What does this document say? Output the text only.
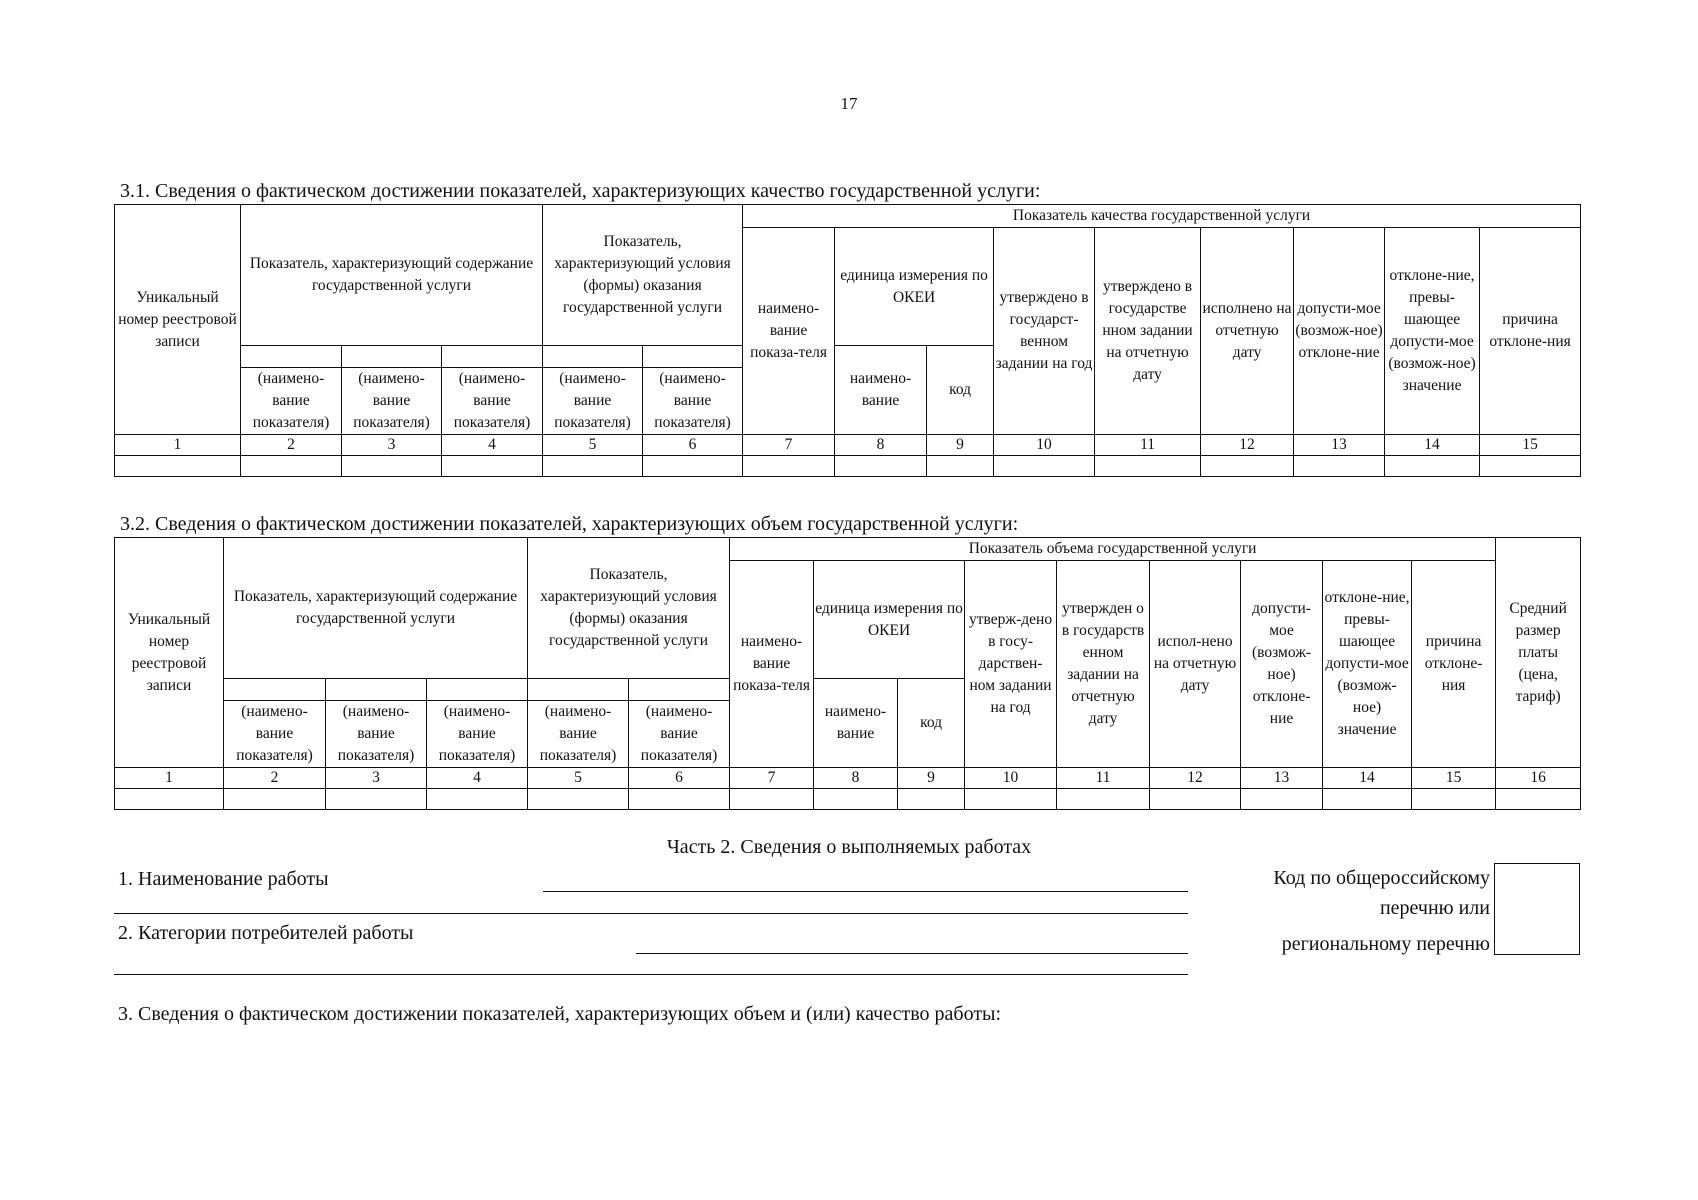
17
3.1. Сведения о фактическом достижении показателей, характеризующих качество государственной услуги:
Уникальный номер реестровой записи	Показатель, характеризующий содержание государственной услуги			Показатель, характеризующий условия (формы) оказания государственной услуги		Показатель качества государственной услуги								
						наимено-вание показа-теля	единица измерения по ОКЕИ		утверждено в государст-венном задании на год	утверждено в государстве нном задании на отчетную дату	исполнено на отчетную дату	допусти-мое (возмож-ное) отклоне-ние	отклоне-ние, превы-шающее допусти-мое (возмож-ное) значение	причина отклоне-ния
							наимено-вание	код						
	(наимено-вание показателя)	(наимено-вание показателя)	(наимено-вание показателя)	(наимено-вание показателя)	(наимено-вание показателя)									
1	2	3	4	5	6	7	8	9	10	11	12	13	14	15

3.2. Сведения о фактическом достижении показателей, характеризующих объем государственной услуги:
Уникальный номер реестровой записи	Показатель, характеризующий содержание государственной услуги			Показатель, характеризующий условия (формы) оказания государственной услуги		Показатель объема государственной услуги									Средний размер платы (цена, тариф)
						наимено-вание показа-теля	единица измерения по ОКЕИ		утверж-дено в госу-дарствен-ном задании на год	утвержден о в государств енном задании на отчетную дату	испол-нено на отчетную дату	допусти-мое (возмож-ное) отклоне-ние	отклоне-ние, превы-шающее допусти-мое (возмож-ное) значение	причина отклоне-ния	
							наимено-вание	код							
	(наимено-вание показателя)	(наимено-вание показателя)	(наимено-вание показателя)	(наимено-вание показателя)	(наимено-вание показателя)										
1	2	3	4	5	6	7	8	9	10	11	12	13	14	15	16

Часть 2. Сведения о выполняемых работах
1. Наименование работы
2. Категории потребителей работы
Код по общероссийскому
перечню или
региональному перечню
3. Сведения о фактическом достижении показателей, характеризующих объем и (или) качество работы:
